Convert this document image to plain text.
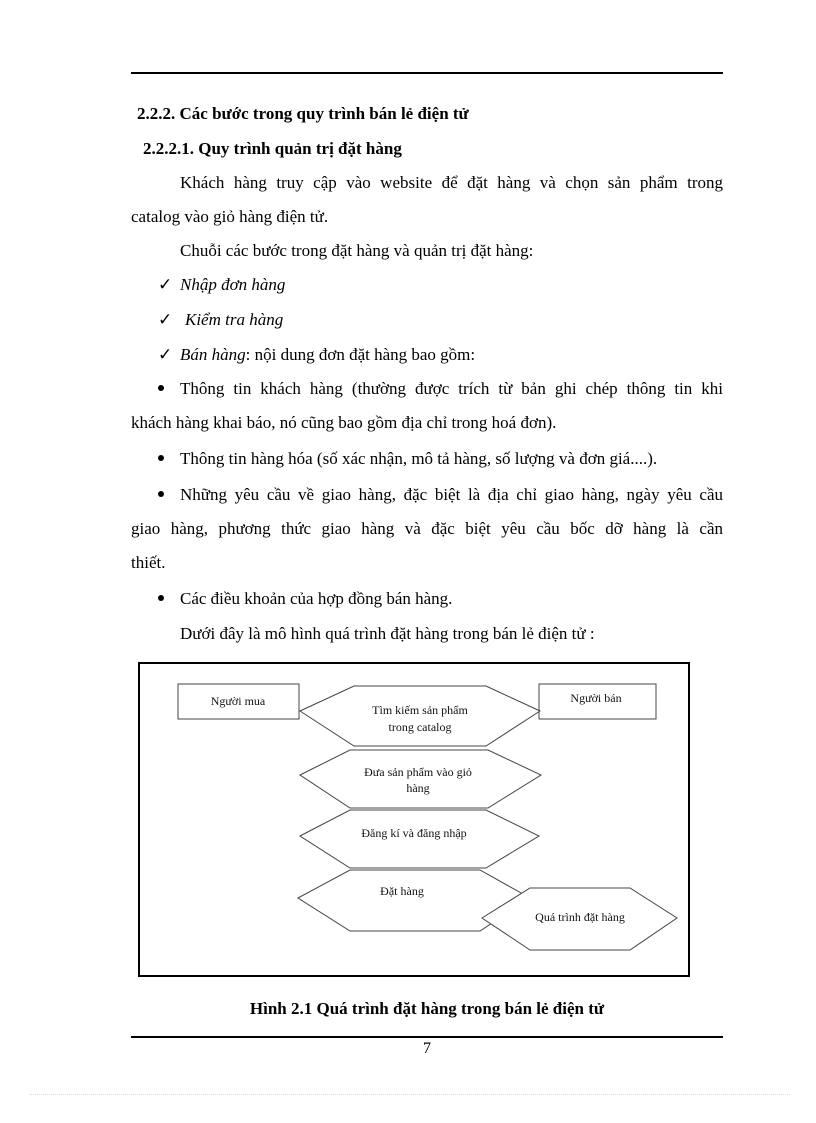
2.2.2. Các bước trong quy trình bán lẻ điện tử
2.2.2.1. Quy trình quản trị đặt hàng
Khách hàng truy cập vào website để đặt hàng và chọn sản phẩm trong
catalog vào giỏ hàng điện tử.
Chuỗi các bước trong đặt hàng và quản trị đặt hàng:
✓ Nhập đơn hàng
✓ Kiểm tra hàng
✓ Bán hàng: nội dung đơn đặt hàng bao gồm:
Thông tin khách hàng (thường được trích từ bản ghi chép thông tin khi
khách hàng khai báo, nó cũng bao gồm địa chỉ trong hoá đơn).
Thông tin hàng hóa (số xác nhận, mô tả hàng, số lượng và đơn giá....).
Những yêu cầu về giao hàng, đặc biệt là địa chỉ giao hàng, ngày yêu cầu
giao hàng, phương thức giao hàng và đặc biệt yêu cầu bốc dỡ hàng là cần
thiết.
Các điều khoản của hợp đồng bán hàng.
Dưới đây là mô hình quá trình đặt hàng trong bán lẻ điện tử :
Người mua	Người bán
Tìm kiếm sản phẩm
trong catalog
Đưa sản phẩm vào giỏ
hàng
Đăng kí và đăng nhập
Đặt hàng
Quá trình đặt hàng
Hình 2.1 Quá trình đặt hàng trong bán lẻ điện tử
7
